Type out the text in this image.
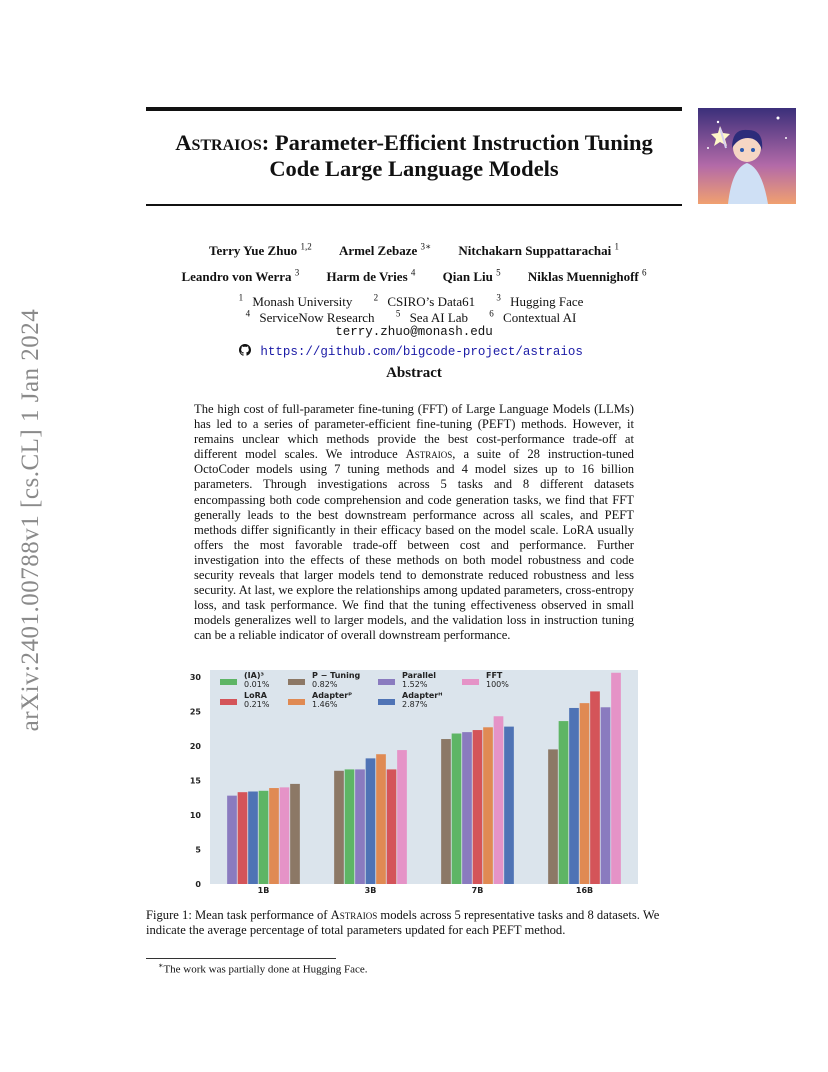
arXiv:2401.00788v1 [cs.CL] 1 Jan 2024
Astraios: Parameter-Efficient Instruction Tuning
Code Large Language Models
Terry Yue Zhuo $^{1,2}$ Armel Zebaze $^{3∗}$ Nitchakarn Suppattarachai $^1$
Leandro von Werra $^3$ Harm de Vries $^4$ Qian Liu $^5$ Niklas Muennighoff $^6$
$^1$ Monash University $^2$ CSIRO’s Data61 $^3$ Hugging Face
$^4$ ServiceNow Research $^5$ Sea AI Lab $^6$ Contextual AI
terry.zhuo@monash.edu
https://github.com/bigcode-project/astraios
Abstract
The high cost of full-parameter fine-tuning (FFT) of Large Language Models (LLMs) has led to a series of parameter-efficient fine-tuning (PEFT) methods. However, it remains unclear which methods provide the best cost-performance trade-off at different model scales. We introduce Astraios, a suite of 28 instruction-tuned OctoCoder models using 7 tuning methods and 4 model sizes up to 16 billion parameters. Through investigations across 5 tasks and 8 different datasets encompassing both code comprehension and code generation tasks, we find that FFT generally leads to the best downstream performance across all scales, and PEFT methods differ significantly in their efficacy based on the model scale. LoRA usually offers the most favorable trade-off between cost and performance. Further investigation into the effects of these methods on both model robustness and code security reveals that larger models tend to demonstrate reduced robustness and less security. At last, we explore the relationships among updated parameters, cross-entropy loss, and task performance. We find that the tuning effectiveness observed in small models generalizes well to larger models, and the validation loss in instruction tuning can be a reliable indicator of overall downstream performance.
0
5
10
15
20
25
30
1B	3B	7B	16B
(IA)³
0.01%
P − Tuning
0.82%
Parallel
1.52%
FFT
100%
LoRA
0.21%
Adapterᴾ
1.46%
Adapterᴴ
2.87%
Figure 1: Mean task performance of Astraios models across 5 representative tasks and 8 datasets. We indicate the average percentage of total parameters updated for each PEFT method.
∗The work was partially done at Hugging Face.
